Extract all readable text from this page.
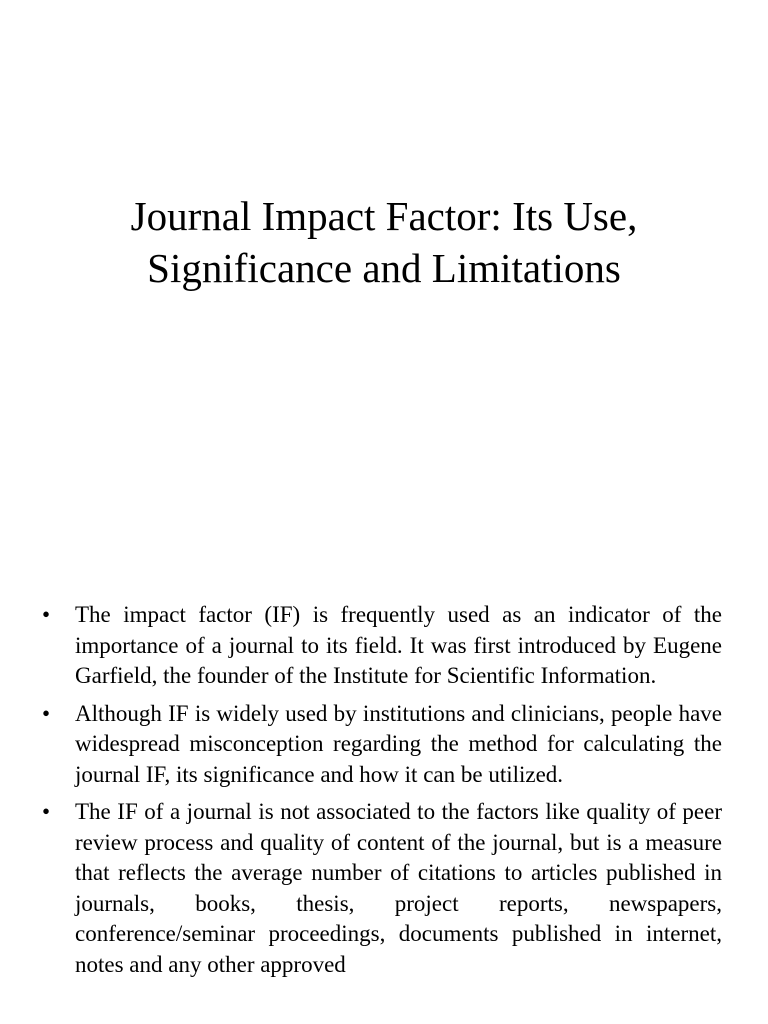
Journal Impact Factor: Its Use,
Significance and Limitations
• The impact factor (IF) is frequently used as an indicator of the importance of a journal to its field. It was first introduced by Eugene Garfield, the founder of the Institute for Scientific Information.
• Although IF is widely used by institutions and clinicians, people have widespread misconception regarding the method for calculating the journal IF, its significance and how it can be utilized.
• The IF of a journal is not associated to the factors like quality of peer review process and quality of content of the journal, but is a measure that reflects the average number of citations to articles published in journals, books, thesis, project reports, newspapers, conference/seminar proceedings, documents published in internet, notes and any other approved
